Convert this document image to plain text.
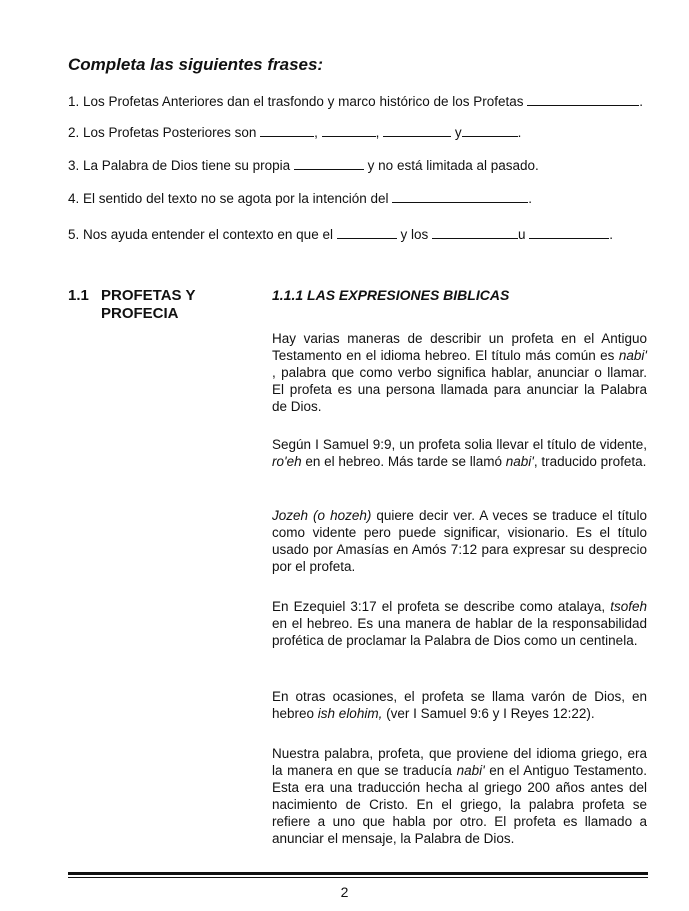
Completa las siguientes frases:

1. Los Profetas Anteriores dan el trasfondo y marco histórico de los Profetas	.

2. Los Profetas Posteriores son	,	,	y	.

3. La Palabra de Dios tiene su propia	y no está limitada al pasado.

4. El sentido del texto no se agota por la intención del	.

5. Nos ayuda entender el contexto en que el	y los	u	.

1.1 PROFETAS Y
PROFECIA
1.1.1 LAS EXPRESIONES BIBLICAS

Hay varias maneras de describir un profeta en el Antiguo Testamento en el idioma hebreo. El título más común es nabi' , palabra que como verbo significa hablar, anunciar o llamar. El profeta es una persona llamada para anunciar la Palabra de Dios.

Según I Samuel 9:9, un profeta solia llevar el título de vidente, ro'eh en el hebreo. Más tarde se llamó nabi', traducido profeta.

Jozeh (o hozeh) quiere decir ver. A veces se traduce el título como vidente pero puede significar, visionario. Es el título usado por Amasías en Amós 7:12 para expresar su desprecio por el profeta.

En Ezequiel 3:17 el profeta se describe como atalaya, tsofeh en el hebreo. Es una manera de hablar de la responsabilidad profética de proclamar la Palabra de Dios como un centinela.

En otras ocasiones, el profeta se llama varón de Dios, en hebreo ish elohim, (ver I Samuel 9:6 y I Reyes 12:22).

Nuestra palabra, profeta, que proviene del idioma griego, era la manera en que se traducía nabi' en el Antiguo Testamento. Esta era una traducción hecha al griego 200 años antes del nacimiento de Cristo. En el griego, la palabra profeta se refiere a uno que habla por otro. El profeta es llamado a anunciar el mensaje, la Palabra de Dios.

2
